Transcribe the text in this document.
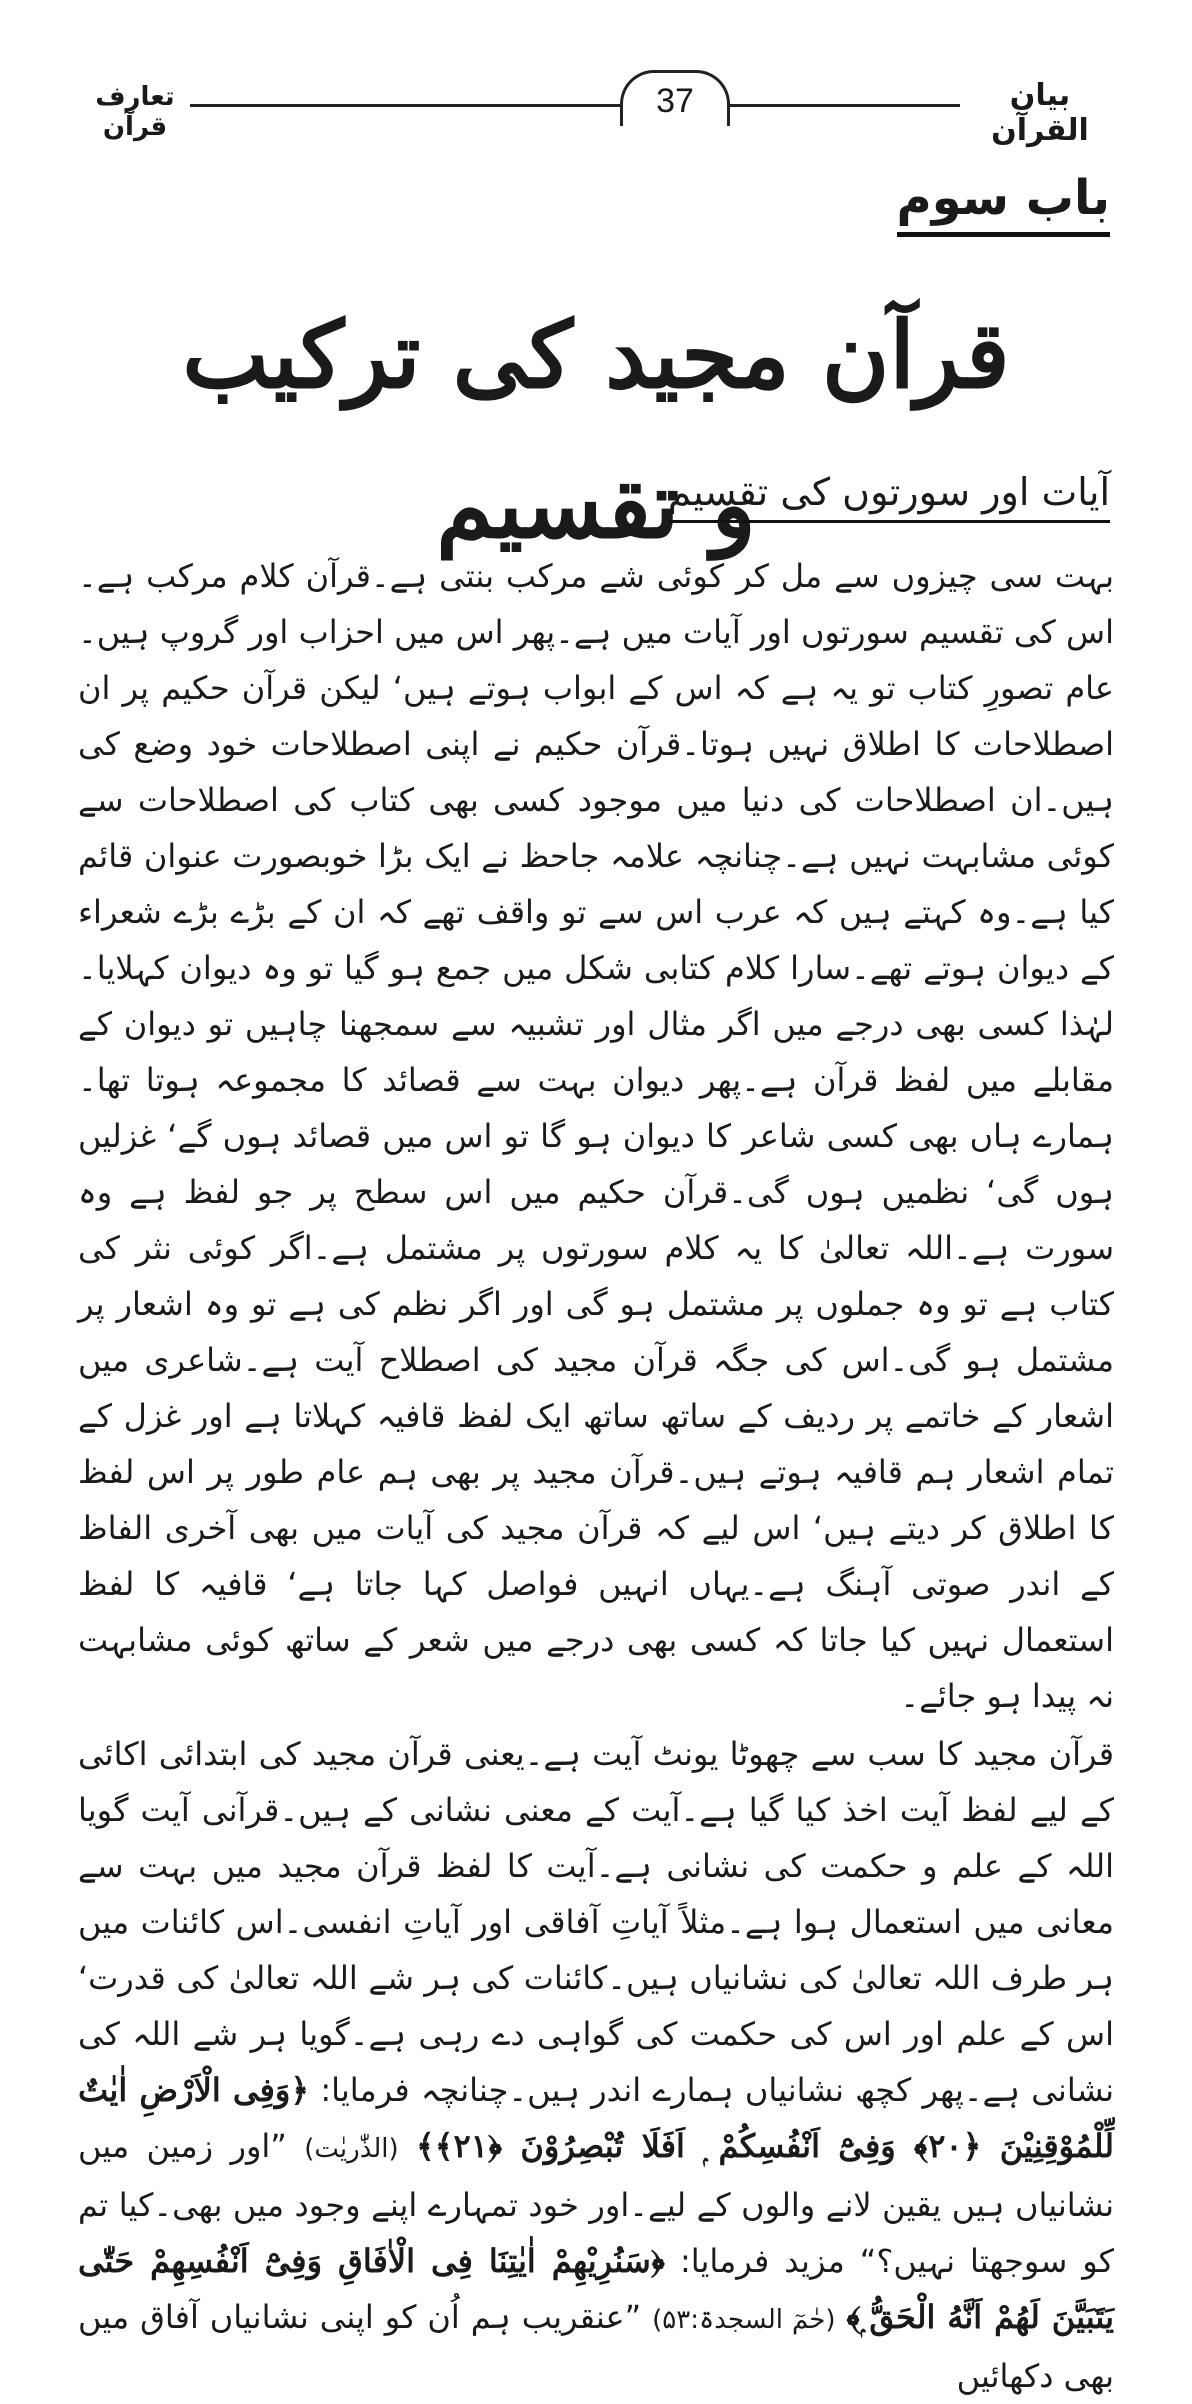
تعارف قرآن
37	بیان القرآن
باب سوم
قرآن مجید کی ترکیب و تقسیم
آیات اور سورتوں کی تقسیم

بہت سی چیزوں سے مل کر کوئی شے مرکب بنتی ہے۔قرآن کلام مرکب ہے۔اس کی تقسیم سورتوں اور آیات میں ہے۔پھر اس میں احزاب اور گروپ ہیں۔عام تصورِ کتاب تو یہ ہے کہ اس کے ابواب ہوتے ہیں‘ لیکن قرآن حکیم پر ان اصطلاحات کا اطلاق نہیں ہوتا۔قرآن حکیم نے اپنی اصطلاحات خود وضع کی ہیں۔ان اصطلاحات کی دنیا میں موجود کسی بھی کتاب کی اصطلاحات سے کوئی مشابہت نہیں ہے۔چنانچہ علامہ جاحظ نے ایک بڑا خوبصورت عنوان قائم کیا ہے۔وہ کہتے ہیں کہ عرب اس سے تو واقف تھے کہ ان کے بڑے بڑے شعراء کے دیوان ہوتے تھے۔سارا کلام کتابی شکل میں جمع ہو گیا تو وہ دیوان کہلایا۔لہٰذا کسی بھی درجے میں اگر مثال اور تشبیہ سے سمجھنا چاہیں تو دیوان کے مقابلے میں لفظ قرآن ہے۔پھر دیوان بہت سے قصائد کا مجموعہ ہوتا تھا۔ہمارے ہاں بھی کسی شاعر کا دیوان ہو گا تو اس میں قصائد ہوں گے‘ غزلیں ہوں گی‘ نظمیں ہوں گی۔قرآن حکیم میں اس سطح پر جو لفظ ہے وہ سورت ہے۔اللہ تعالیٰ کا یہ کلام سورتوں پر مشتمل ہے۔اگر کوئی نثر کی کتاب ہے تو وہ جملوں پر مشتمل ہو گی اور اگر نظم کی ہے تو وہ اشعار پر مشتمل ہو گی۔اس کی جگہ قرآن مجید کی اصطلاح آیت ہے۔شاعری میں اشعار کے خاتمے پر ردیف کے ساتھ ساتھ ایک لفظ قافیہ کہلاتا ہے اور غزل کے تمام اشعار ہم قافیہ ہوتے ہیں۔قرآن مجید پر بھی ہم عام طور پر اس لفظ کا اطلاق کر دیتے ہیں‘ اس لیے کہ قرآن مجید کی آیات میں بھی آخری الفاظ کے اندر صوتی آہنگ ہے۔یہاں انہیں فواصل کہا جاتا ہے‘ قافیہ کا لفظ استعمال نہیں کیا جاتا کہ کسی بھی درجے میں شعر کے ساتھ کوئی مشابہت نہ پیدا ہو جائے۔

قرآن مجید کا سب سے چھوٹا یونٹ آیت ہے۔یعنی قرآن مجید کی ابتدائی اکائی کے لیے لفظ آیت اخذ کیا گیا ہے۔آیت کے معنی نشانی کے ہیں۔قرآنی آیت گویا اللہ کے علم و حکمت کی نشانی ہے۔آیت کا لفظ قرآن مجید میں بہت سے معانی میں استعمال ہوا ہے۔مثلاً آیاتِ آفاقی اور آیاتِ انفسی۔اس کائنات میں ہر طرف اللہ تعالیٰ کی نشانیاں ہیں۔کائنات کی ہر شے اللہ تعالیٰ کی قدرت‘ اس کے علم اور اس کی حکمت کی گواہی دے رہی ہے۔گویا ہر شے اللہ کی نشانی ہے۔پھر کچھ نشانیاں ہمارے اندر ہیں۔چنانچہ فرمایا: ﴿وَفِی الْاَرْضِ اٰیٰتٌ لِّلْمُوْقِنِیْنَ ﴿۲۰﴾ وَفِیْٓ اَنْفُسِکُمْ ۭ اَفَلَا تُبْصِرُوْنَ ﴿۲۱﴾﴾ (الذّٰریٰت) ”اور زمین میں نشانیاں ہیں یقین لانے والوں کے لیے۔اور خود تمہارے اپنے وجود میں بھی۔کیا تم کو سوجھتا نہیں؟“ مزید فرمایا: ﴿سَنُرِیْهِمْ اٰیٰتِنَا فِی الْاٰفَاقِ وَفِیْٓ اَنْفُسِهِمْ حَتّٰی یَتَبَیَّنَ لَهُمْ اَنَّهُ الْحَقُّ ۭ﴾ (حٰمٓ السجدۃ:۵۳) ”عنقریب ہم اُن کو اپنی نشانیاں آفاق میں بھی دکھائیں
